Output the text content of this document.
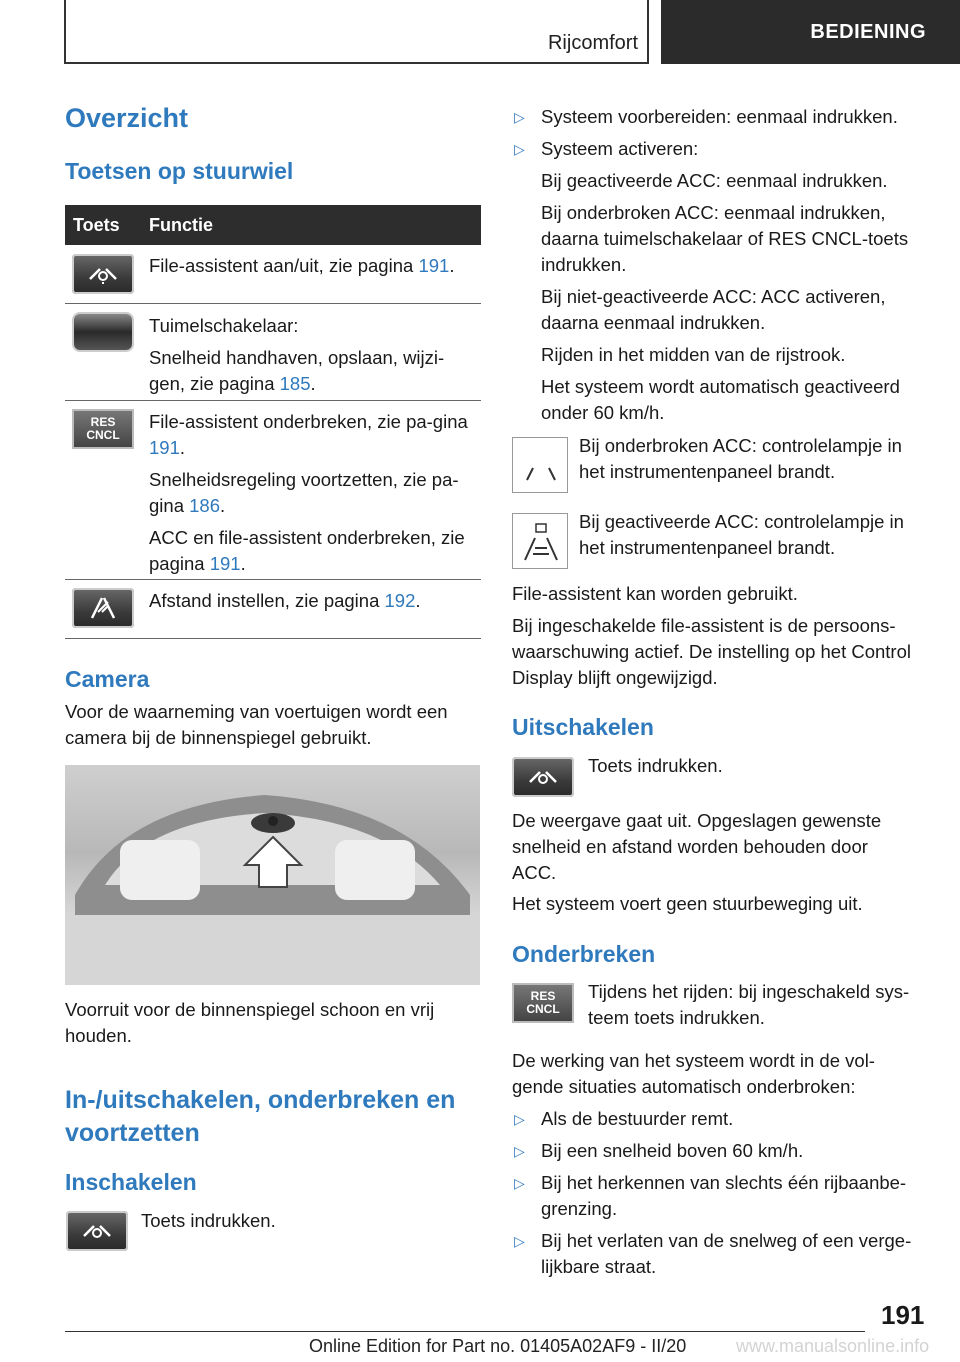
Rijcomfort
BEDIENING
Overzicht
Toetsen op stuurwiel
Toets Functie
File-assistent aan/uit, zie pagina 191.
Tuimelschakelaar:
Snelheid handhaven, opslaan, wijzi-gen, zie pagina 185.
RES
CNCL
File-assistent onderbreken, zie pa-gina 191.
Snelheidsregeling voortzetten, zie pa-gina 186.
ACC en file-assistent onderbreken, zie pagina 191.
Afstand instellen, zie pagina 192.
Camera
Voor de waarneming van voertuigen wordt een camera bij de binnenspiegel gebruikt.
Voorruit voor de binnenspiegel schoon en vrij houden.
In-/uitschakelen, onderbreken en voortzetten
Inschakelen
Toets indrukken.
▷ Systeem voorbereiden: eenmaal indrukken.
▷ Systeem activeren:
Bij geactiveerde ACC: eenmaal indrukken.
Bij onderbroken ACC: eenmaal indrukken, daarna tuimelschakelaar of RES CNCL-toets indrukken.
Bij niet-geactiveerde ACC: ACC activeren, daarna eenmaal indrukken.
Rijden in het midden van de rijstrook.
Het systeem wordt automatisch geactiveerd onder 60 km/h.
Bij onderbroken ACC: controlelampje in het instrumentenpaneel brandt.
Bij geactiveerde ACC: controlelampje in het instrumentenpaneel brandt.
File-assistent kan worden gebruikt.
Bij ingeschakelde file-assistent is de persoons-waarschuwing actief. De instelling op het Control Display blijft ongewijzigd.
Uitschakelen
Toets indrukken.
De weergave gaat uit. Opgeslagen gewenste snelheid en afstand worden behouden door ACC.
Het systeem voert geen stuurbeweging uit.
Onderbreken
RES
CNCL
Tijdens het rijden: bij ingeschakeld sys-teem toets indrukken.
De werking van het systeem wordt in de vol-gende situaties automatisch onderbroken:
▷ Als de bestuurder remt.
▷ Bij een snelheid boven 60 km/h.
▷ Bij het herkennen van slechts één rijbaanbe-grenzing.
▷ Bij het verlaten van de snelweg of een verge-lijkbare straat.
191
Online Edition for Part no. 01405A02AF9 - II/20	www.manualsonline.info
